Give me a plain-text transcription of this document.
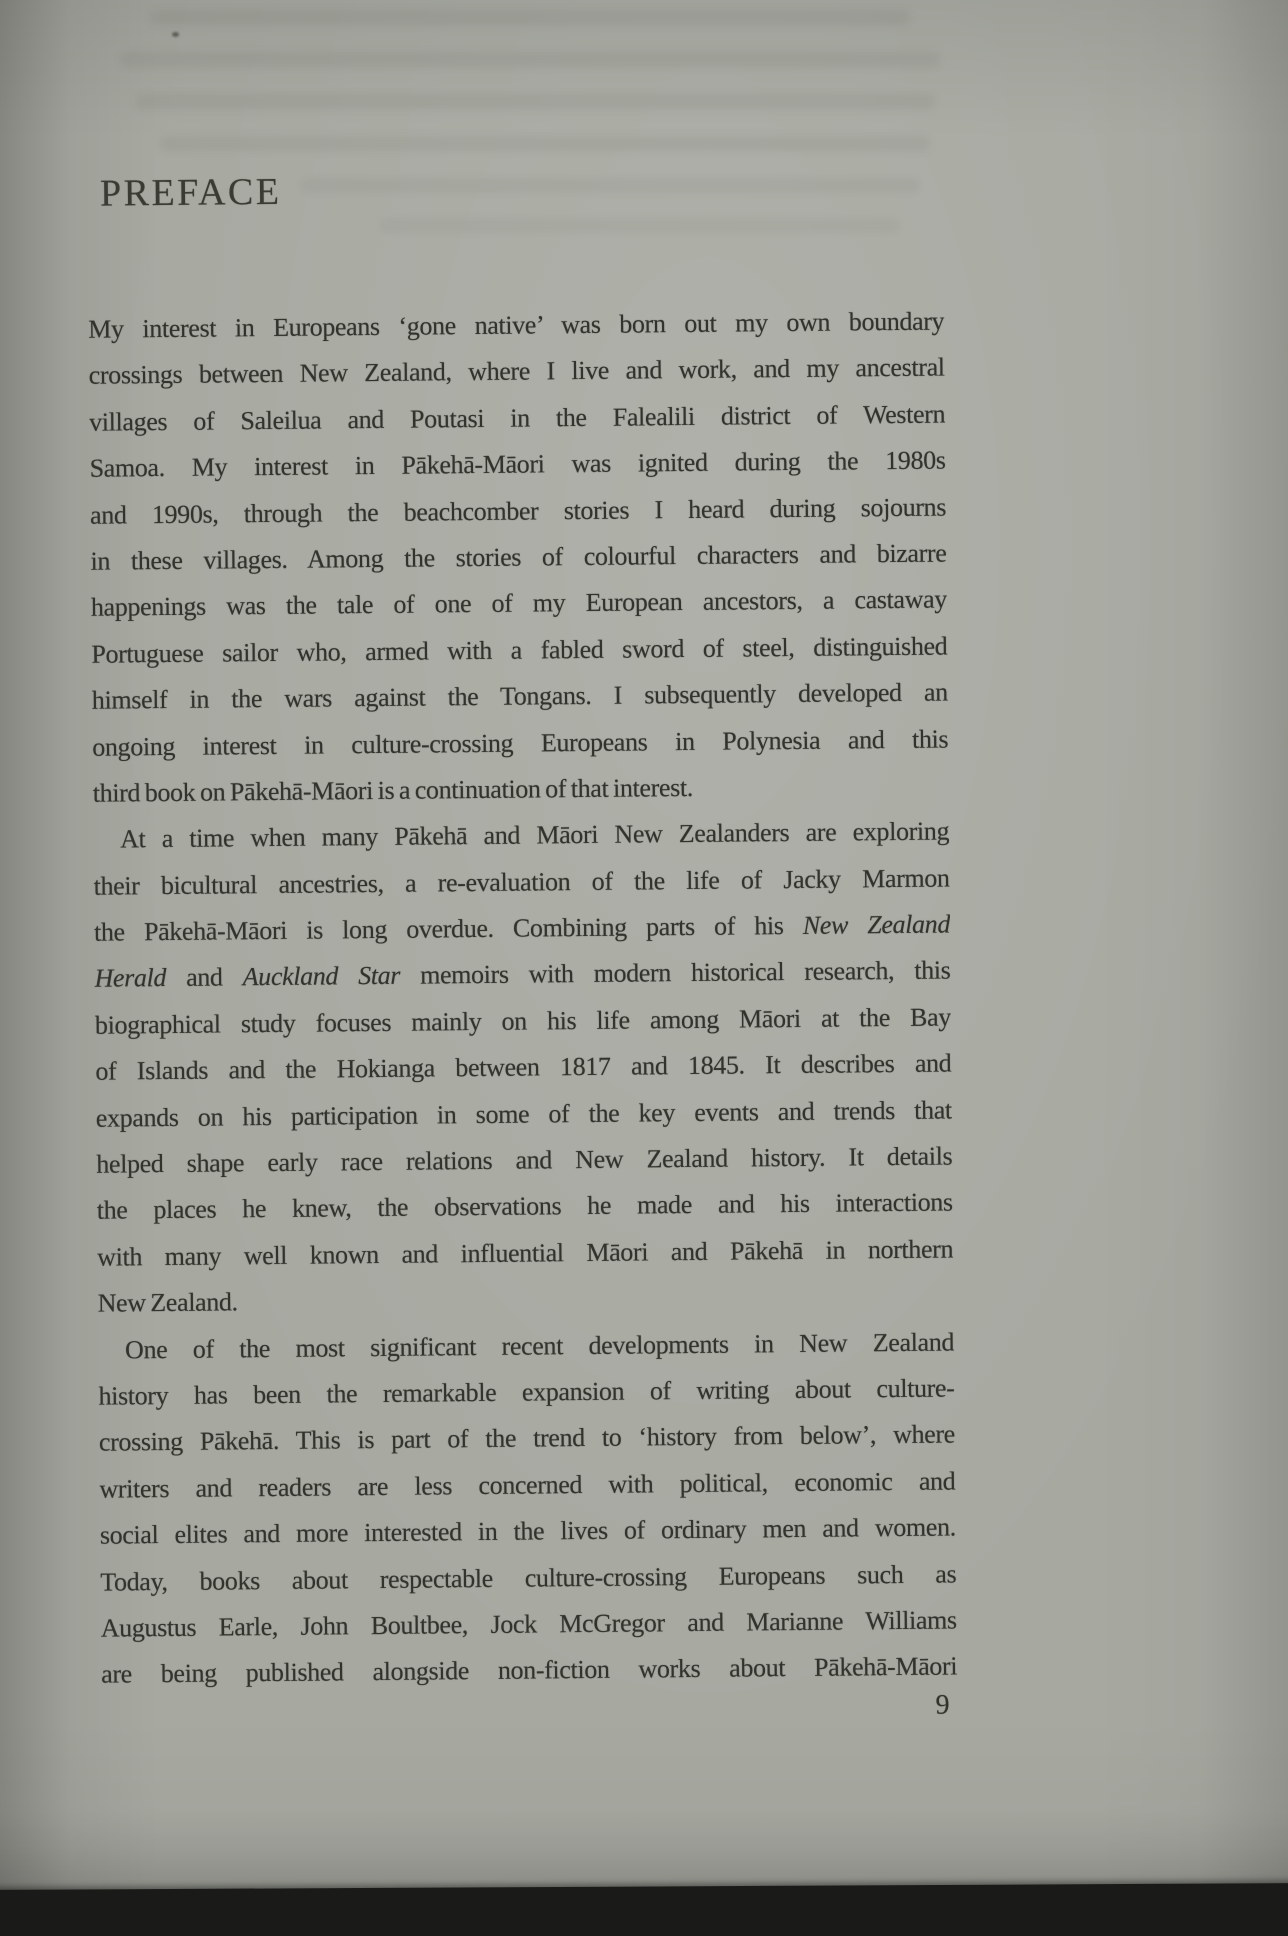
PREFACE
My interest in Europeans ‘gone native’ was born out my own boundary
crossings between New Zealand, where I live and work, and my ancestral
villages of Saleilua and Poutasi in the Falealili district of Western
Samoa. My interest in Pākehā-Māori was ignited during the 1980s
and 1990s, through the beachcomber stories I heard during sojourns
in these villages. Among the stories of colourful characters and bizarre
happenings was the tale of one of my European ancestors, a castaway
Portuguese sailor who, armed with a fabled sword of steel, distinguished
himself in the wars against the Tongans. I subsequently developed an
ongoing interest in culture-crossing Europeans in Polynesia and this
third book on Pākehā-Māori is a continuation of that interest.
At a time when many Pākehā and Māori New Zealanders are exploring
their bicultural ancestries, a re-evaluation of the life of Jacky Marmon
the Pākehā-Māori is long overdue. Combining parts of his New Zealand
Herald and Auckland Star memoirs with modern historical research, this
biographical study focuses mainly on his life among Māori at the Bay
of Islands and the Hokianga between 1817 and 1845. It describes and
expands on his participation in some of the key events and trends that
helped shape early race relations and New Zealand history. It details
the places he knew, the observations he made and his interactions
with many well known and influential Māori and Pākehā in northern
New Zealand.
One of the most significant recent developments in New Zealand
history has been the remarkable expansion of writing about culture-
crossing Pākehā. This is part of the trend to ‘history from below’, where
writers and readers are less concerned with political, economic and
social elites and more interested in the lives of ordinary men and women.
Today, books about respectable culture-crossing Europeans such as
Augustus Earle, John Boultbee, Jock McGregor and Marianne Williams
are being published alongside non-fiction works about Pākehā-Māori
9
